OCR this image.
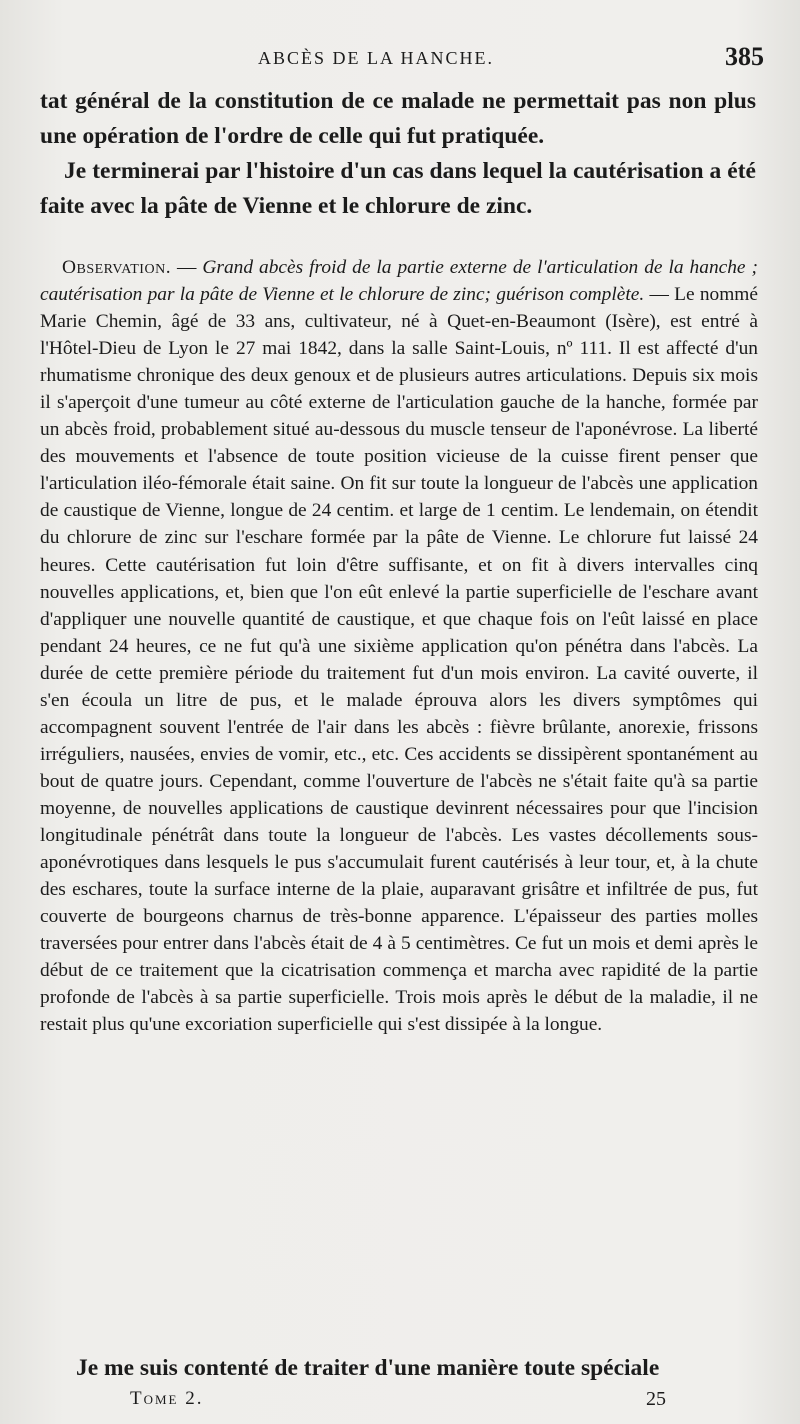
ABCÈS DE LA HANCHE.	385

tat général de la constitution de ce malade ne permettait pas non plus une opération de l'ordre de celle qui fut pratiquée.

Je terminerai par l'histoire d'un cas dans lequel la cautérisation a été faite avec la pâte de Vienne et le chlorure de zinc.

Observation. — Grand abcès froid de la partie externe de l'articulation de la hanche ; cautérisation par la pâte de Vienne et le chlorure de zinc; guérison complète. — Le nommé Marie Chemin, âgé de 33 ans, cultivateur, né à Quet-en-Beaumont (Isère), est entré à l'Hôtel-Dieu de Lyon le 27 mai 1842, dans la salle Saint-Louis, nº 111. Il est affecté d'un rhumatisme chronique des deux genoux et de plusieurs autres articulations. Depuis six mois il s'aperçoit d'une tumeur au côté externe de l'articulation gauche de la hanche, formée par un abcès froid, probablement situé au-dessous du muscle tenseur de l'aponévrose. La liberté des mouvements et l'absence de toute position vicieuse de la cuisse firent penser que l'articulation iléo-fémorale était saine. On fit sur toute la longueur de l'abcès une application de caustique de Vienne, longue de 24 centim. et large de 1 centim. Le lendemain, on étendit du chlorure de zinc sur l'eschare formée par la pâte de Vienne. Le chlorure fut laissé 24 heures. Cette cautérisation fut loin d'être suffisante, et on fit à divers intervalles cinq nouvelles applications, et, bien que l'on eût enlevé la partie superficielle de l'eschare avant d'appliquer une nouvelle quantité de caustique, et que chaque fois on l'eût laissé en place pendant 24 heures, ce ne fut qu'à une sixième application qu'on pénétra dans l'abcès. La durée de cette première période du traitement fut d'un mois environ. La cavité ouverte, il s'en écoula un litre de pus, et le malade éprouva alors les divers symptômes qui accompagnent souvent l'entrée de l'air dans les abcès : fièvre brûlante, anorexie, frissons irréguliers, nausées, envies de vomir, etc., etc. Ces accidents se dissipèrent spontanément au bout de quatre jours. Cependant, comme l'ouverture de l'abcès ne s'était faite qu'à sa partie moyenne, de nouvelles applications de caustique devinrent nécessaires pour que l'incision longitudinale pénétrât dans toute la longueur de l'abcès. Les vastes décollements sous-aponévrotiques dans lesquels le pus s'accumulait furent cautérisés à leur tour, et, à la chute des eschares, toute la surface interne de la plaie, auparavant grisâtre et infiltrée de pus, fut couverte de bourgeons charnus de très-bonne apparence. L'épaisseur des parties molles traversées pour entrer dans l'abcès était de 4 à 5 centimètres. Ce fut un mois et demi après le début de ce traitement que la cicatrisation commença et marcha avec rapidité de la partie profonde de l'abcès à sa partie superficielle. Trois mois après le début de la maladie, il ne restait plus qu'une excoriation superficielle qui s'est dissipée à la longue.

Je me suis contenté de traiter d'une manière toute spéciale

Tome 2.	25
